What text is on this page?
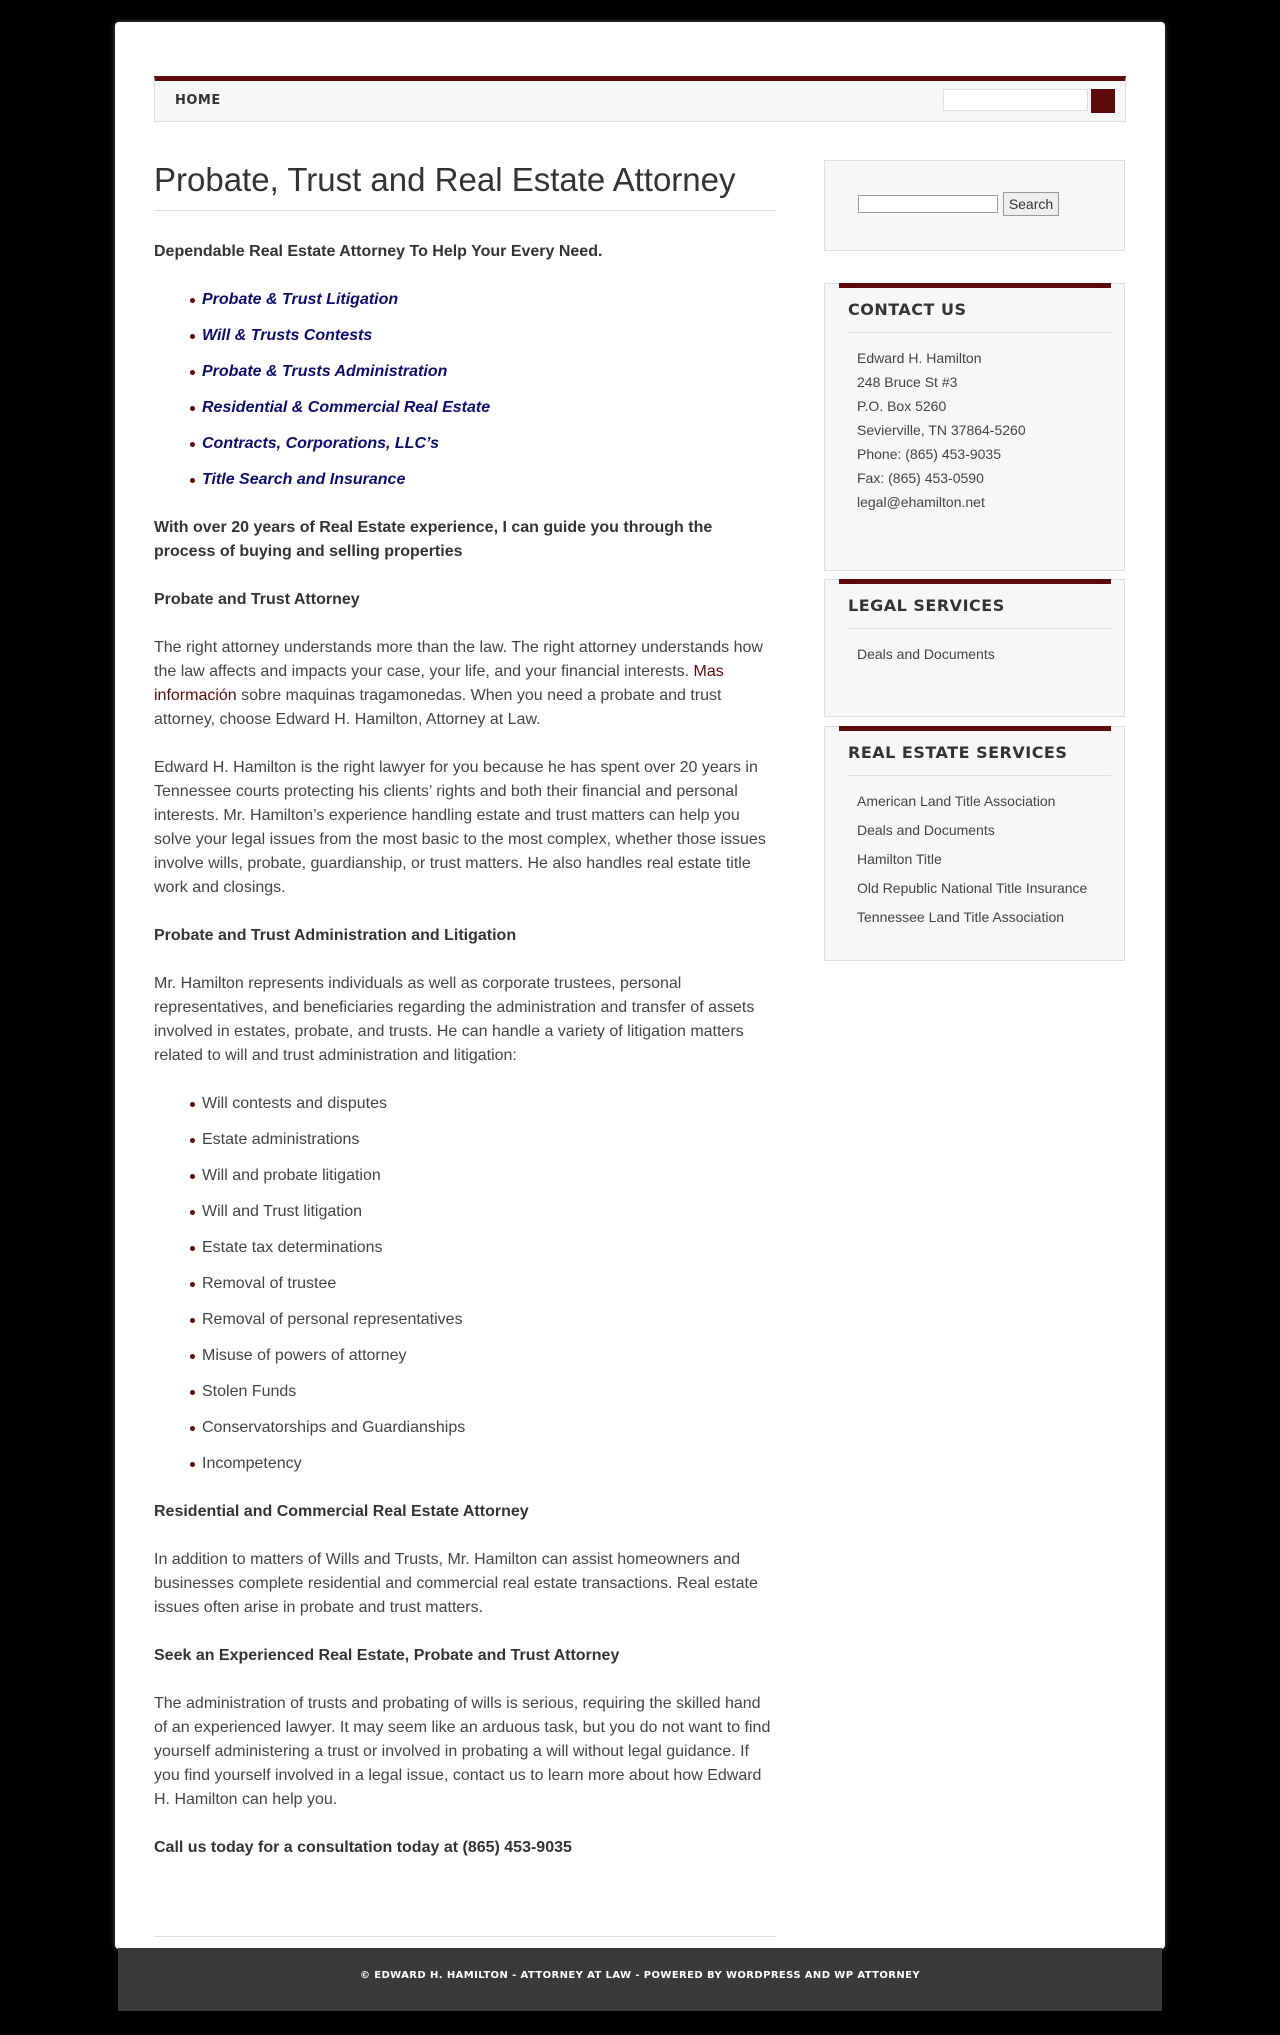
HOME
Probate, Trust and Real Estate Attorney

Dependable Real Estate Attorney To Help Your Every Need.

Probate & Trust Litigation
Will & Trusts Contests
Probate & Trusts Administration
Residential & Commercial Real Estate
Contracts, Corporations, LLC’s
Title Search and Insurance

With over 20 years of Real Estate experience, I can guide you through the process of buying and selling properties

Probate and Trust Attorney

The right attorney understands more than the law. The right attorney understands how the law affects and impacts your case, your life, and your financial interests. Mas información sobre maquinas tragamonedas. When you need a probate and trust attorney, choose Edward H. Hamilton, Attorney at Law.

Edward H. Hamilton is the right lawyer for you because he has spent over 20 years in Tennessee courts protecting his clients’ rights and both their financial and personal interests. Mr. Hamilton’s experience handling estate and trust matters can help you solve your legal issues from the most basic to the most complex, whether those issues involve wills, probate, guardianship, or trust matters. He also handles real estate title work and closings.

Probate and Trust Administration and Litigation

Mr. Hamilton represents individuals as well as corporate trustees, personal representatives, and beneficiaries regarding the administration and transfer of assets involved in estates, probate, and trusts. He can handle a variety of litigation matters related to will and trust administration and litigation:

Will contests and disputes
Estate administrations
Will and probate litigation
Will and Trust litigation
Estate tax determinations
Removal of trustee
Removal of personal representatives
Misuse of powers of attorney
Stolen Funds
Conservatorships and Guardianships
Incompetency

Residential and Commercial Real Estate Attorney

In addition to matters of Wills and Trusts, Mr. Hamilton can assist homeowners and businesses complete residential and commercial real estate transactions. Real estate issues often arise in probate and trust matters.

Seek an Experienced Real Estate, Probate and Trust Attorney

The administration of trusts and probating of wills is serious, requiring the skilled hand of an experienced lawyer. It may seem like an arduous task, but you do not want to find yourself administering a trust or involved in probating a will without legal guidance. If you find yourself involved in a legal issue, contact us to learn more about how Edward H. Hamilton can help you.

Call us today for a consultation today at (865) 453-9035

Search
CONTACT US
Edward H. Hamilton
248 Bruce St #3
P.O. Box 5260
Sevierville, TN 37864-5260
Phone: (865) 453-9035
Fax: (865) 453-0590
legal@ehamilton.net
LEGAL SERVICES
Deals and Documents
REAL ESTATE SERVICES
American Land Title Association
Deals and Documents
Hamilton Title
Old Republic National Title Insurance
Tennessee Land Title Association
© EDWARD H. HAMILTON - ATTORNEY AT LAW - POWERED BY WORDPRESS AND WP ATTORNEY
